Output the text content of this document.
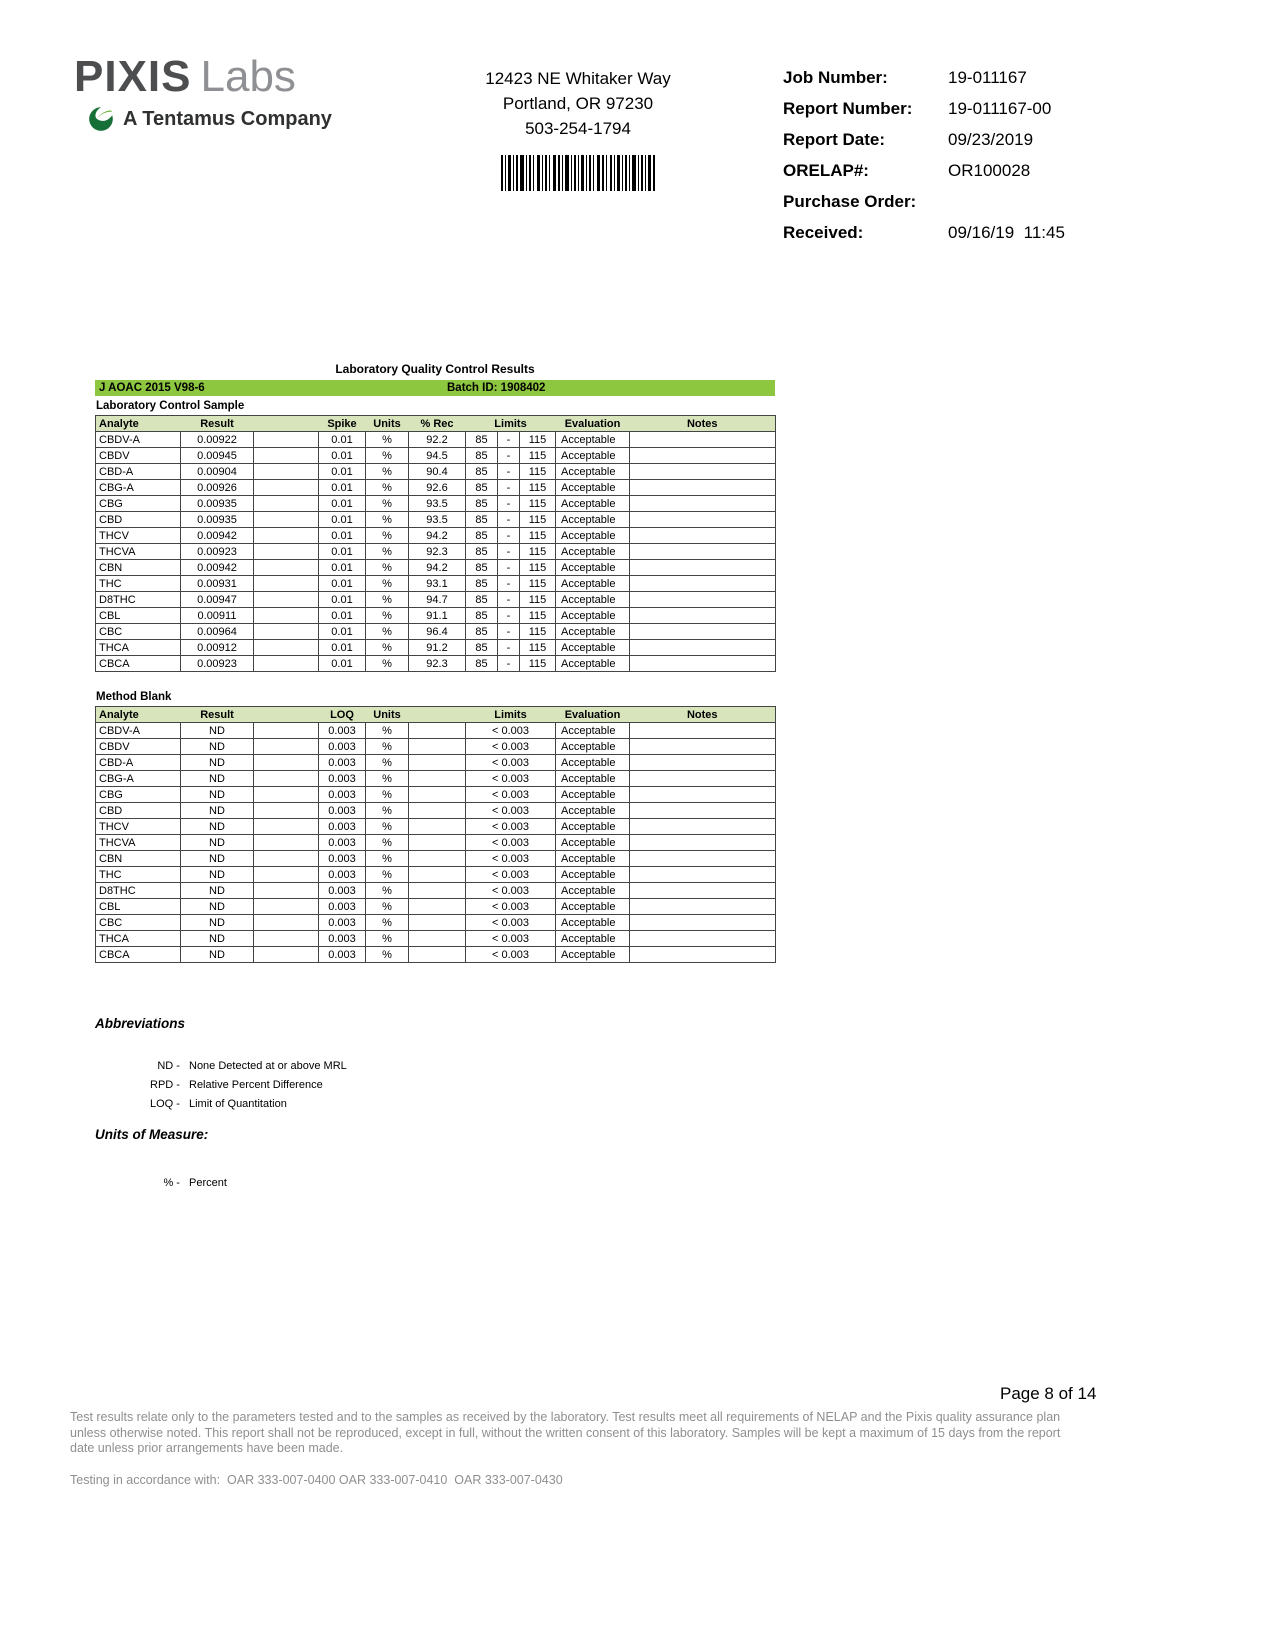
PIXIS Labs
A Tentamus Company
12423 NE Whitaker Way
Portland, OR 97230
503-254-1794
Job Number:	19-011167
Report Number:	19-011167-00
Report Date:	09/23/2019
ORELAP#:	OR100028
Purchase Order:
Received:	09/16/19  11:45
Laboratory Quality Control Results
J AOAC 2015 V98-6	Batch ID: 1908402
Laboratory Control Sample
Analyte	Result		Spike	Units	% Rec	Limits			Evaluation	Notes
CBDV-A	0.00922		0.01	%	92.2	85	-	115	Acceptable	
CBDV	0.00945		0.01	%	94.5	85	-	115	Acceptable	
CBD-A	0.00904		0.01	%	90.4	85	-	115	Acceptable	
CBG-A	0.00926		0.01	%	92.6	85	-	115	Acceptable	
CBG	0.00935		0.01	%	93.5	85	-	115	Acceptable	
CBD	0.00935		0.01	%	93.5	85	-	115	Acceptable	
THCV	0.00942		0.01	%	94.2	85	-	115	Acceptable	
THCVA	0.00923		0.01	%	92.3	85	-	115	Acceptable	
CBN	0.00942		0.01	%	94.2	85	-	115	Acceptable	
THC	0.00931		0.01	%	93.1	85	-	115	Acceptable	
D8THC	0.00947		0.01	%	94.7	85	-	115	Acceptable	
CBL	0.00911		0.01	%	91.1	85	-	115	Acceptable	
CBC	0.00964		0.01	%	96.4	85	-	115	Acceptable	
THCA	0.00912		0.01	%	91.2	85	-	115	Acceptable	
CBCA	0.00923		0.01	%	92.3	85	-	115	Acceptable	
Method Blank
Analyte	Result		LOQ	Units		Limits	Evaluation	Notes
CBDV-A	ND		0.003	%		< 0.003	Acceptable	
CBDV	ND		0.003	%		< 0.003	Acceptable	
CBD-A	ND		0.003	%		< 0.003	Acceptable	
CBG-A	ND		0.003	%		< 0.003	Acceptable	
CBG	ND		0.003	%		< 0.003	Acceptable	
CBD	ND		0.003	%		< 0.003	Acceptable	
THCV	ND		0.003	%		< 0.003	Acceptable	
THCVA	ND		0.003	%		< 0.003	Acceptable	
CBN	ND		0.003	%		< 0.003	Acceptable	
THC	ND		0.003	%		< 0.003	Acceptable	
D8THC	ND		0.003	%		< 0.003	Acceptable	
CBL	ND		0.003	%		< 0.003	Acceptable	
CBC	ND		0.003	%		< 0.003	Acceptable	
THCA	ND		0.003	%		< 0.003	Acceptable	
CBCA	ND		0.003	%		< 0.003	Acceptable	
Abbreviations
ND - None Detected at or above MRL
RPD - Relative Percent Difference
LOQ - Limit of Quantitation
Units of Measure:
% - Percent
Page 8 of 14
Test results relate only to the parameters tested and to the samples as received by the laboratory. Test results meet all requirements of NELAP and the Pixis quality assurance plan unless otherwise noted. This report shall not be reproduced, except in full, without the written consent of this laboratory. Samples will be kept a maximum of 15 days from the report date unless prior arrangements have been made.
Testing in accordance with:  OAR 333-007-0400 OAR 333-007-0410  OAR 333-007-0430
